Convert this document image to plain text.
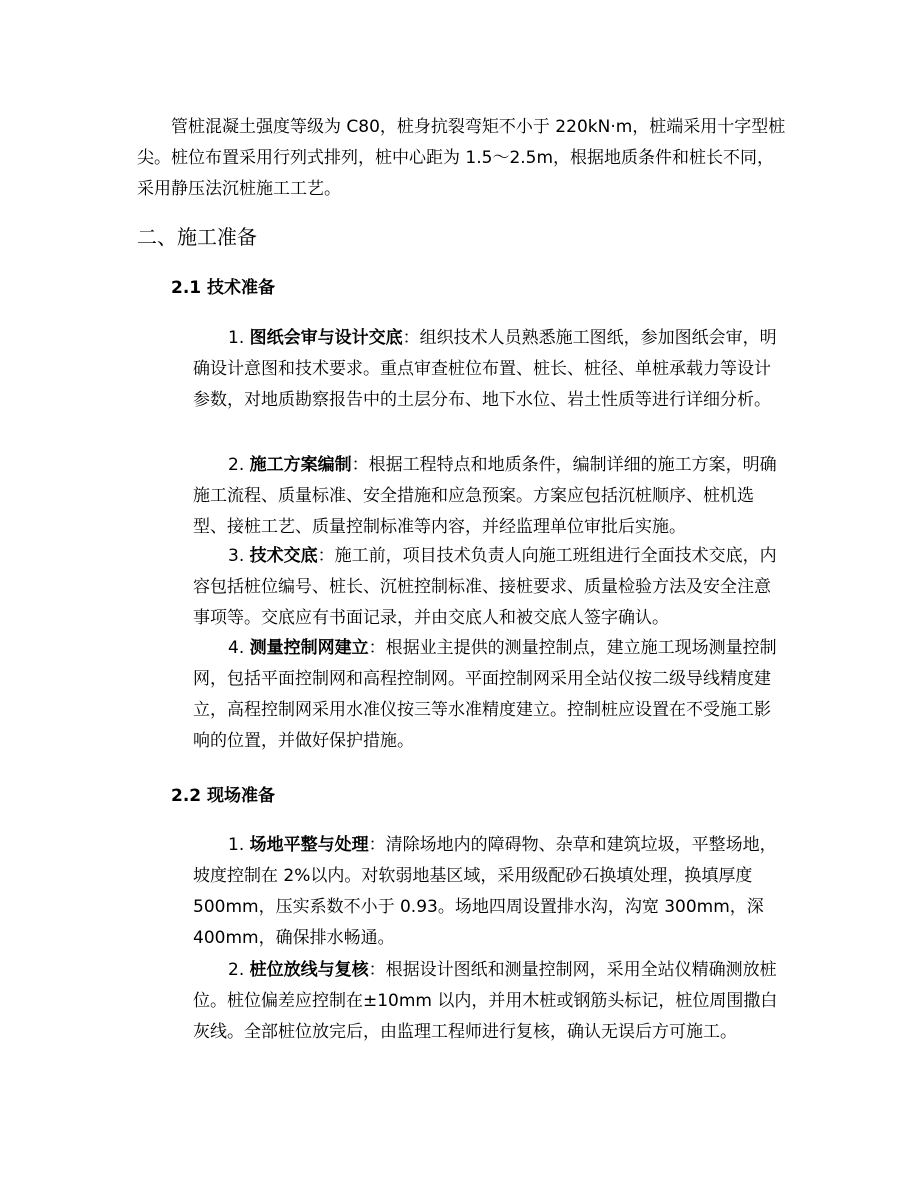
管桩混凝土强度等级为 C80，桩身抗裂弯矩不小于 220kN·m，桩端采用十字型桩尖。桩位布置采用行列式排列，桩中心距为 1.5～2.5m，根据地质条件和桩长不同，采用静压法沉桩施工工艺。

二、施工准备
2.1 技术准备

1. 图纸会审与设计交底：组织技术人员熟悉施工图纸，参加图纸会审，明确设计意图和技术要求。重点审查桩位布置、桩长、桩径、单桩承载力等设计参数，对地质勘察报告中的土层分布、地下水位、岩土性质等进行详细分析。

2. 施工方案编制：根据工程特点和地质条件，编制详细的施工方案，明确施工流程、质量标准、安全措施和应急预案。方案应包括沉桩顺序、桩机选型、接桩工艺、质量控制标准等内容，并经监理单位审批后实施。

3. 技术交底：施工前，项目技术负责人向施工班组进行全面技术交底，内容包括桩位编号、桩长、沉桩控制标准、接桩要求、质量检验方法及安全注意事项等。交底应有书面记录，并由交底人和被交底人签字确认。

4. 测量控制网建立：根据业主提供的测量控制点，建立施工现场测量控制网，包括平面控制网和高程控制网。平面控制网采用全站仪按二级导线精度建立，高程控制网采用水准仪按三等水准精度建立。控制桩应设置在不受施工影响的位置，并做好保护措施。

2.2 现场准备

1. 场地平整与处理：清除场地内的障碍物、杂草和建筑垃圾，平整场地，坡度控制在 2%以内。对软弱地基区域，采用级配砂石换填处理，换填厚度 500mm，压实系数不小于 0.93。场地四周设置排水沟，沟宽 300mm，深 400mm，确保排水畅通。

2. 桩位放线与复核：根据设计图纸和测量控制网，采用全站仪精确测放桩位。桩位偏差应控制在±10mm 以内，并用木桩或钢筋头标记，桩位周围撒白灰线。全部桩位放完后，由监理工程师进行复核，确认无误后方可施工。
